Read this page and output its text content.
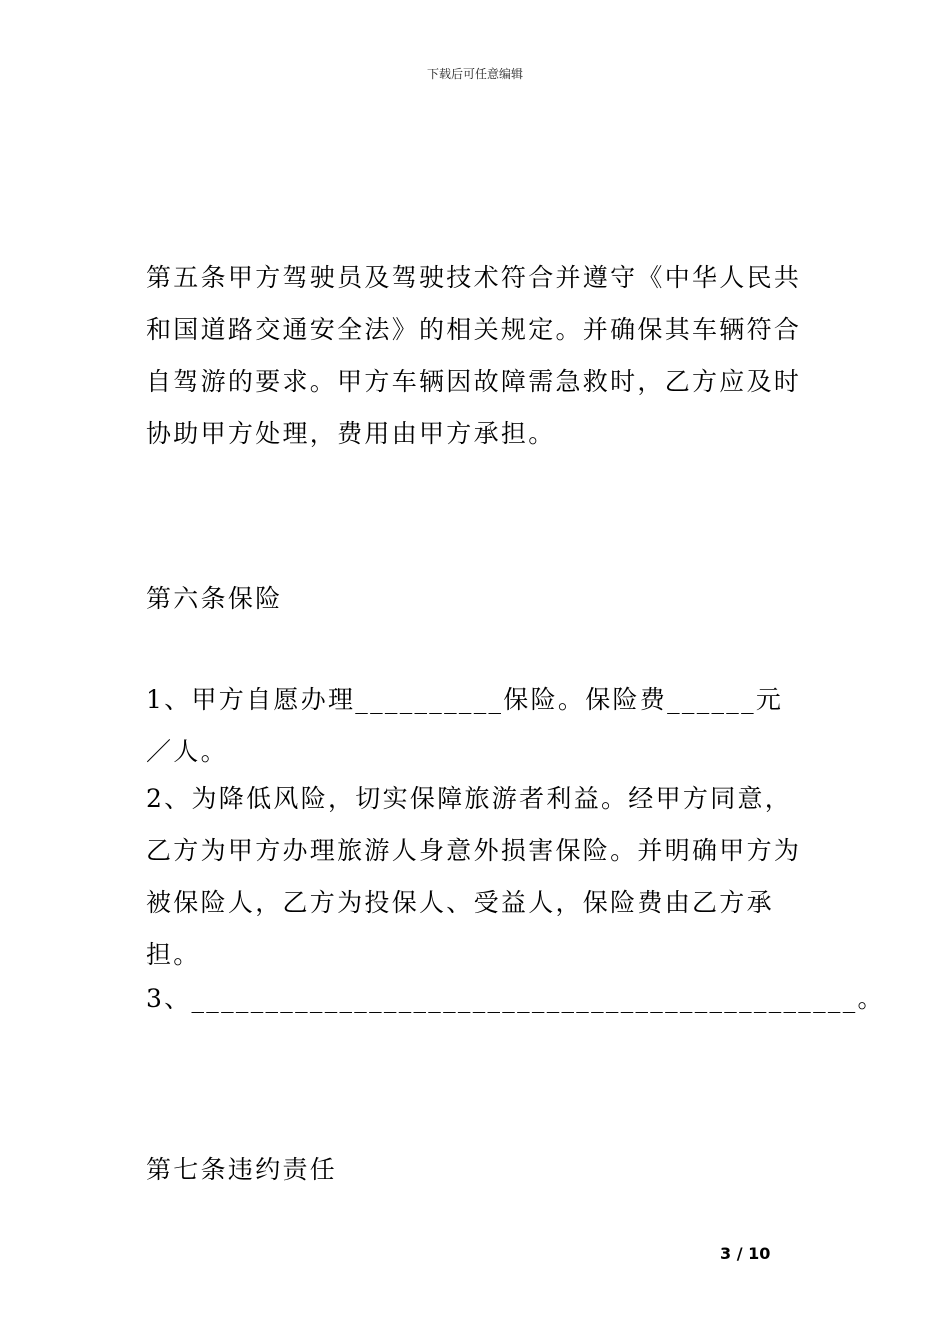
下载后可任意编辑

第五条甲方驾驶员及驾驶技术符合并遵守《中华人民共和国道路交通安全法》的相关规定。并确保其车辆符合自驾游的要求。甲方车辆因故障需急救时，乙方应及时协助甲方处理，费用由甲方承担。

第六条保险

1、甲方自愿办理__________保险。保险费______元／人。

2、为降低风险，切实保障旅游者利益。经甲方同意，乙方为甲方办理旅游人身意外损害保险。并明确甲方为被保险人，乙方为投保人、受益人，保险费由乙方承担。

3、_____________________________________________。

第七条违约责任

3 / 10
